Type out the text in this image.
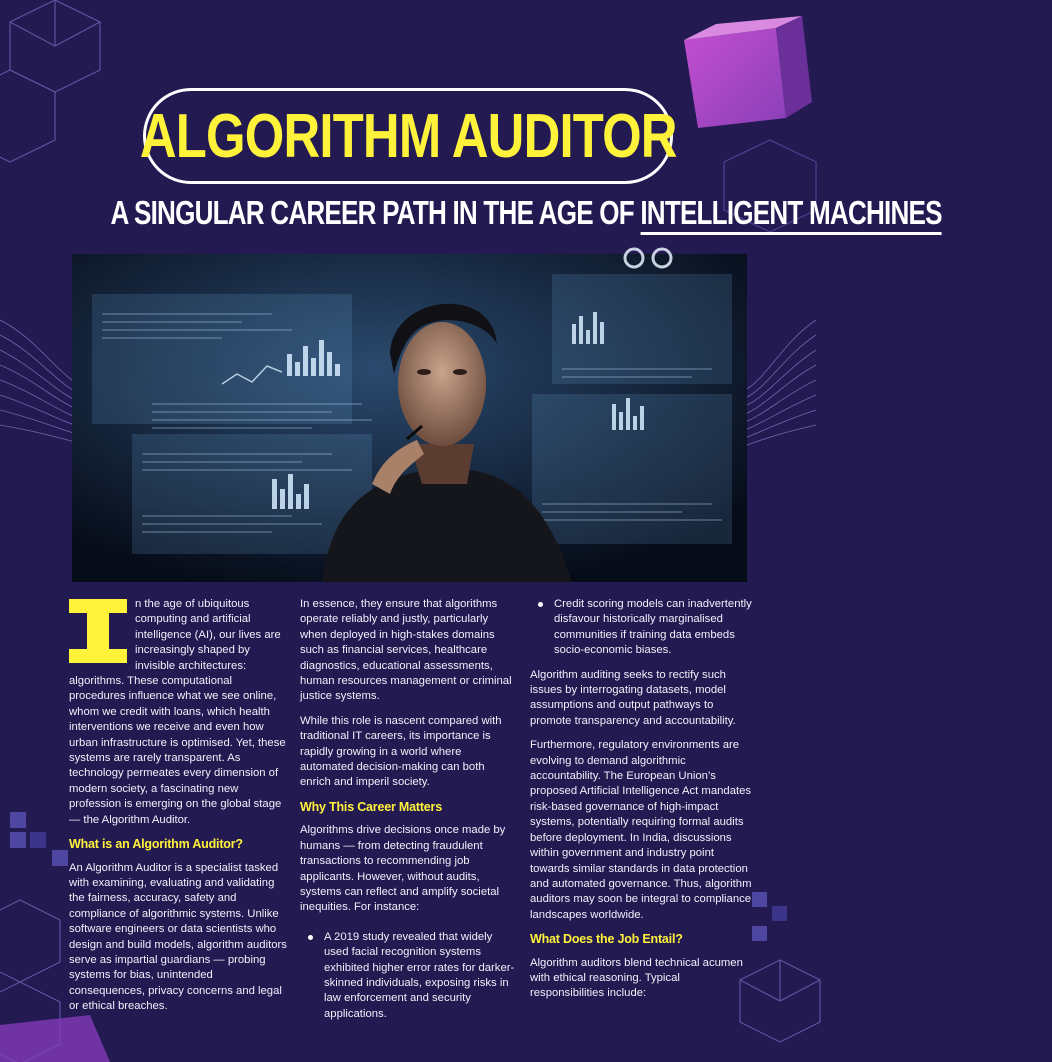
ALGORITHM AUDITOR
A SINGULAR CAREER PATH IN THE AGE OF INTELLIGENT MACHINES

n the age of ubiquitous computing and artificial intelligence (AI), our lives are increasingly shaped by invisible architectures: algorithms. These computational procedures influence what we see online, whom we credit with loans, which health interventions we receive and even how urban infrastructure is optimised. Yet, these systems are rarely transparent. As technology permeates every dimension of modern society, a fascinating new profession is emerging on the global stage — the Algorithm Auditor.

What is an Algorithm Auditor?

An Algorithm Auditor is a specialist tasked with examining, evaluating and validating the fairness, accuracy, safety and compliance of algorithmic systems. Unlike software engineers or data scientists who design and build models, algorithm auditors serve as impartial guardians — probing systems for bias, unintended consequences, privacy concerns and legal or ethical breaches.

In essence, they ensure that algorithms operate reliably and justly, particularly when deployed in high-stakes domains such as financial services, healthcare diagnostics, educational assessments, human resources management or criminal justice systems.

While this role is nascent compared with traditional IT careers, its importance is rapidly growing in a world where automated decision-making can both enrich and imperil society.

Why This Career Matters

Algorithms drive decisions once made by humans — from detecting fraudulent transactions to recommending job applicants. However, without audits, systems can reflect and amplify societal inequities. For instance:

A 2019 study revealed that widely used facial recognition systems exhibited higher error rates for darker-skinned individuals, exposing risks in law enforcement and security applications.
Credit scoring models can inadvertently disfavour historically marginalised communities if training data embeds socio-economic biases.

Algorithm auditing seeks to rectify such issues by interrogating datasets, model assumptions and output pathways to promote transparency and accountability.

Furthermore, regulatory environments are evolving to demand algorithmic accountability. The European Union’s proposed Artificial Intelligence Act mandates risk-based governance of high-impact systems, potentially requiring formal audits before deployment. In India, discussions within government and industry point towards similar standards in data protection and automated governance. Thus, algorithm auditors may soon be integral to compliance landscapes worldwide.

What Does the Job Entail?

Algorithm auditors blend technical acumen with ethical reasoning. Typical responsibilities include:
